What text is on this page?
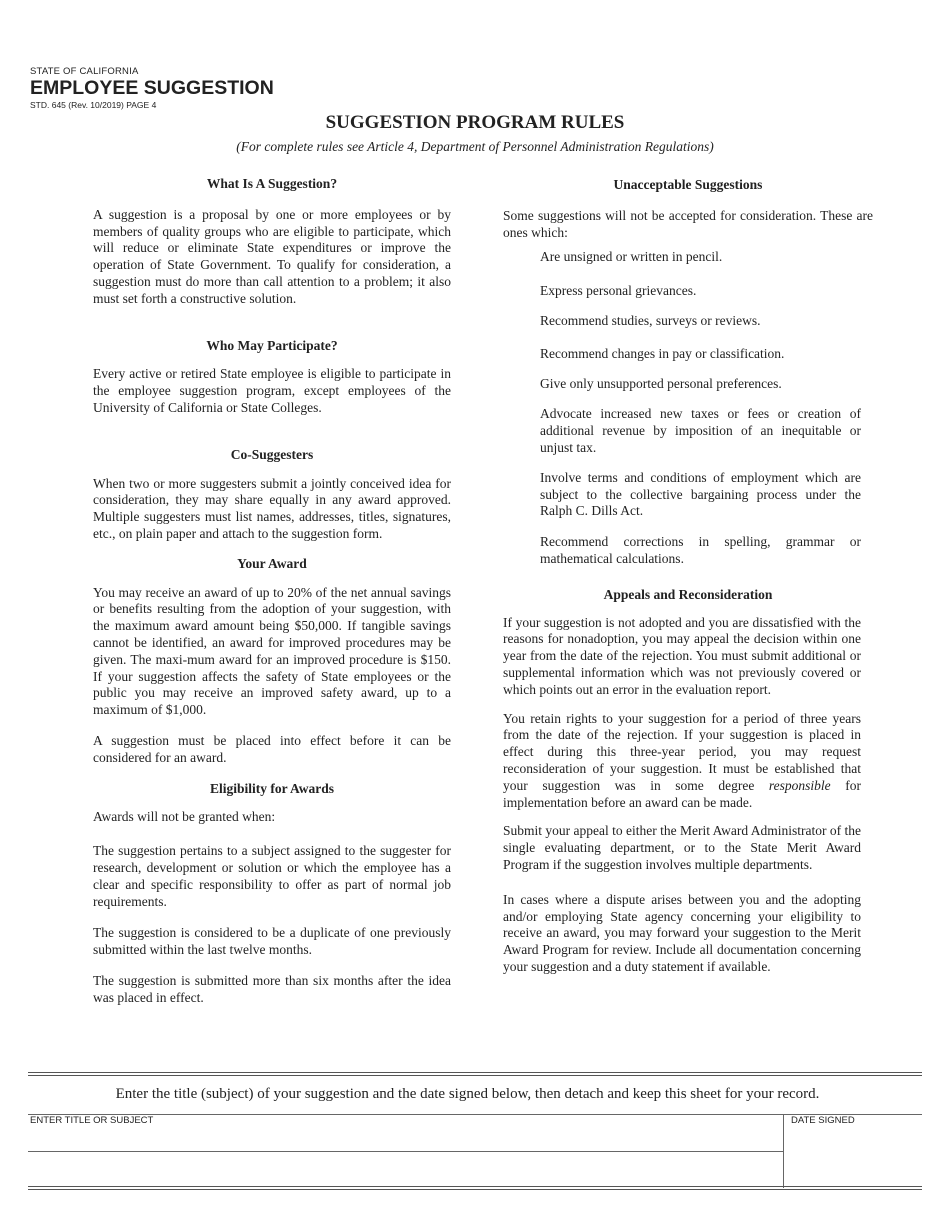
STATE OF CALIFORNIA
EMPLOYEE SUGGESTION
STD. 645 (Rev. 10/2019) PAGE 4
SUGGESTION PROGRAM RULES
(For complete rules see Article 4, Department of Personnel Administration Regulations)
What Is A Suggestion?

A suggestion is a proposal by one or more employees or by members of quality groups who are eligible to participate, which will reduce or eliminate State expenditures or improve the operation of State Government. To qualify for consideration, a suggestion must do more than call attention to a problem; it also must set forth a constructive solution.

Who May Participate?

Every active or retired State employee is eligible to participate in the employee suggestion program, except employees of the University of California or State Colleges.

Co-Suggesters

When two or more suggesters submit a jointly conceived idea for consideration, they may share equally in any award approved. Multiple suggesters must list names, addresses, titles, signatures, etc., on plain paper and attach to the suggestion form.

Your Award

You may receive an award of up to 20% of the net annual savings or benefits resulting from the adoption of your suggestion, with the maximum award amount being $50,000. If tangible savings cannot be identified, an award for improved procedures may be given. The maxi-mum award for an improved procedure is $150. If your suggestion affects the safety of State employees or the public you may receive an improved safety award, up to a maximum of $1,000.

A suggestion must be placed into effect before it can be considered for an award.

Eligibility for Awards

Awards will not be granted when:

The suggestion pertains to a subject assigned to the suggester for research, development or solution or which the employee has a clear and specific responsibility to offer as part of normal job requirements.

The suggestion is considered to be a duplicate of one previously submitted within the last twelve months.

The suggestion is submitted more than six months after the idea was placed in effect.

Unacceptable Suggestions

Some suggestions will not be accepted for consideration. These are ones which:

Are unsigned or written in pencil.

Express personal grievances.

Recommend studies, surveys or reviews.

Recommend changes in pay or classification.

Give only unsupported personal preferences.

Advocate increased new taxes or fees or creation of additional revenue by imposition of an inequitable or unjust tax.

Involve terms and conditions of employment which are subject to the collective bargaining process under the Ralph C. Dills Act.

Recommend corrections in spelling, grammar or mathematical calculations.

Appeals and Reconsideration

If your suggestion is not adopted and you are dissatisfied with the reasons for nonadoption, you may appeal the decision within one year from the date of the rejection. You must submit additional or supplemental information which was not previously covered or which points out an error in the evaluation report.

You retain rights to your suggestion for a period of three years from the date of the rejection. If your suggestion is placed in effect during this three-year period, you may request reconsideration of your suggestion. It must be established that your suggestion was in some degree responsible for implementation before an award can be made.

Submit your appeal to either the Merit Award Administrator of the single evaluating department, or to the State Merit Award Program if the suggestion involves multiple departments.

In cases where a dispute arises between you and the adopting and/or employing State agency concerning your eligibility to receive an award, you may forward your suggestion to the Merit Award Program for review. Include all documentation concerning your suggestion and a duty statement if available.

Enter the title (subject) of your suggestion and the date signed below, then detach and keep this sheet for your record.
ENTER TITLE OR SUBJECT	DATE SIGNED
